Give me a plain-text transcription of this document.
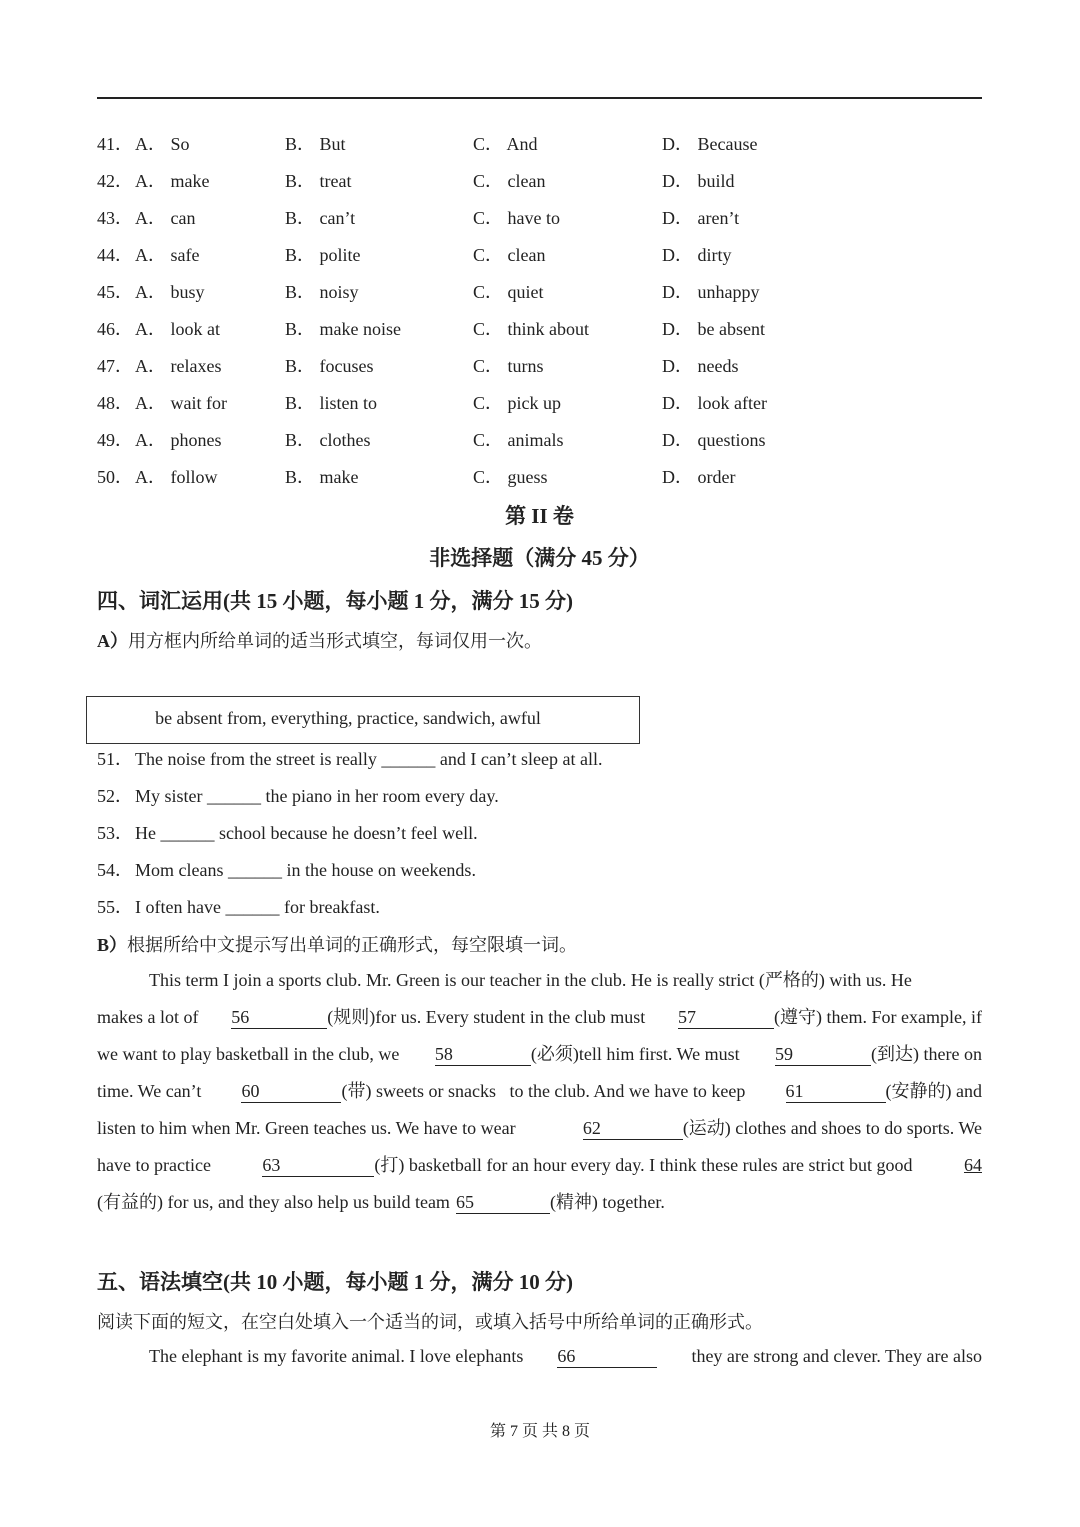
41． A． So	B． But	C． And	D． Because
42． A． make	B． treat	C． clean	D． build
43． A． can	B． can’t	C． have to	D． aren’t
44． A． safe	B． polite	C． clean	D． dirty
45． A． busy	B． noisy	C． quiet	D． unhappy
46． A． look at	B． make noise	C． think about	D． be absent
47． A． relaxes	B． focuses	C． turns	D． needs
48． A． wait for	B． listen to	C． pick up	D． look after
49． A． phones	B． clothes	C． animals	D． questions
50． A． follow	B． make	C． guess	D． order
第 II 卷
非选择题（满分 45 分）
四、词汇运用(共 15 小题，每小题 1 分，满分 15 分)
A）用方框内所给单词的适当形式填空，每词仅用一次。
be absent from, everything, practice, sandwich, awful
51． The noise from the street is really ______ and I can’t sleep at all.
52． My sister ______ the piano in her room every day.
53． He ______ school because he doesn’t feel well.
54． Mom cleans ______ in the house on weekends.
55． I often have ______ for breakfast.
B）根据所给中文提示写出单词的正确形式，每空限填一词。
This term I join a sports club. Mr. Green is our teacher in the club. He is really strict (严格的) with us. He
makes a lot of 56	(规则)for us. Every student in the club must 57	(遵守) them. For example, if
we want to play basketball in the club, we 58	(必须)tell him first. We must 59	(到达) there on
time. We can’t 60	(带) sweets or snacks   to the club. And we have to keep 61	(安静的) and
listen to him when Mr. Green teaches us. We have to wear	62	(运动) clothes and shoes to do sports. We
have to practice	63	(打) basketball for an hour every day. I think these rules are strict but good	64
(有益的) for us, and they also help us build team 65	(精神) together.
五、语法填空(共 10 小题，每小题 1 分，满分 10 分)
阅读下面的短文，在空白处填入一个适当的词，或填入括号中所给单词的正确形式。
The elephant is my favorite animal. I love elephants 66	they are strong and clever. They are also
第 7 页 共 8 页
